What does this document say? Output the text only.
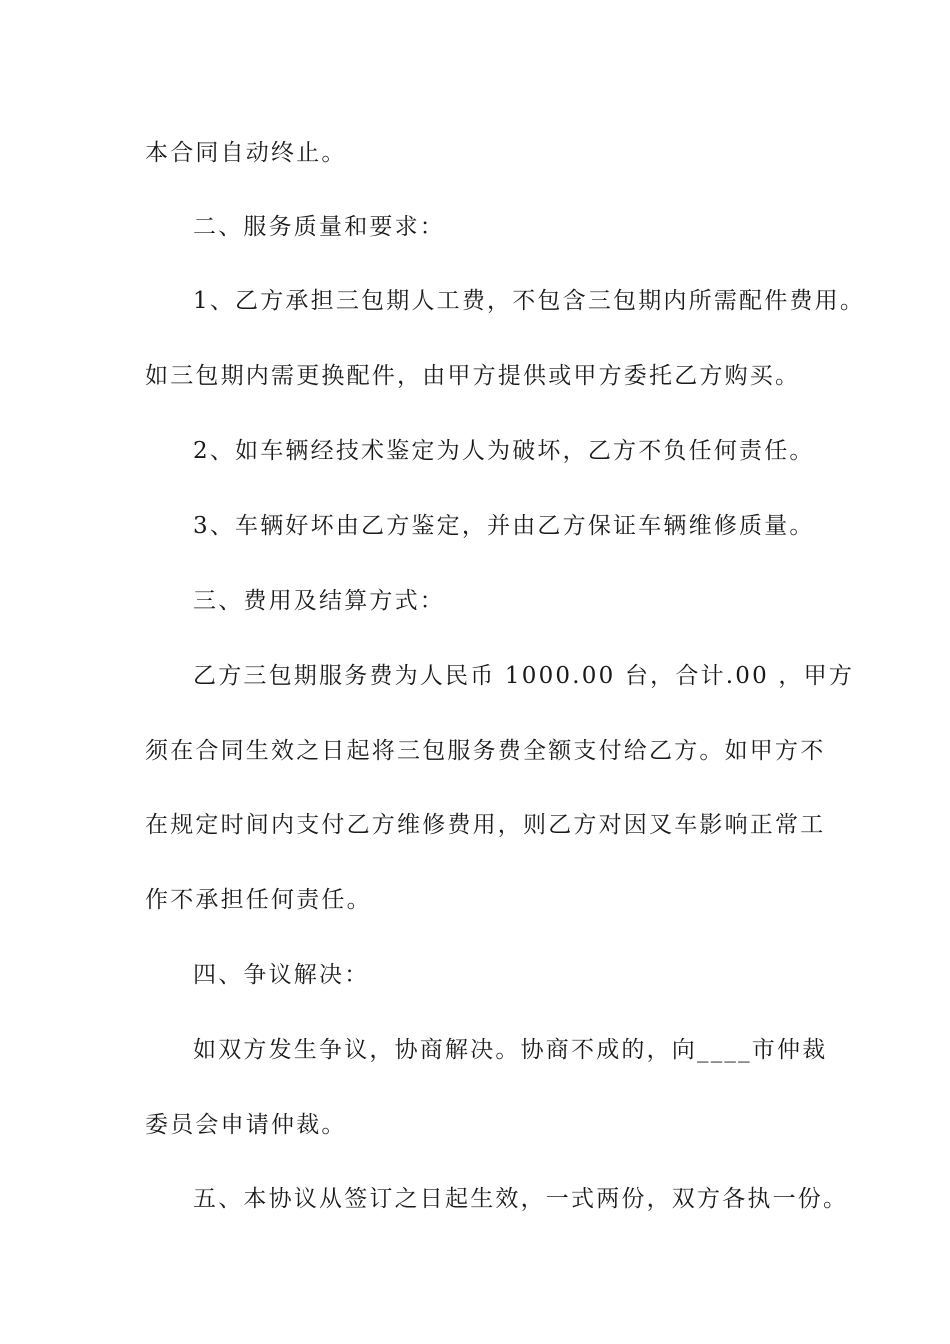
本合同自动终止。
二、服务质量和要求：
1、乙方承担三包期人工费，不包含三包期内所需配件费用。
如三包期内需更换配件，由甲方提供或甲方委托乙方购买。
2、如车辆经技术鉴定为人为破坏，乙方不负任何责任。
3、车辆好坏由乙方鉴定，并由乙方保证车辆维修质量。
三、费用及结算方式：
乙方三包期服务费为人民币 1000.00 台，合计.00 ，甲方
须在合同生效之日起将三包服务费全额支付给乙方。如甲方不
在规定时间内支付乙方维修费用，则乙方对因叉车影响正常工
作不承担任何责任。
四、争议解决：
如双方发生争议，协商解决。协商不成的，向____市仲裁
委员会申请仲裁。
五、本协议从签订之日起生效，一式两份，双方各执一份。
